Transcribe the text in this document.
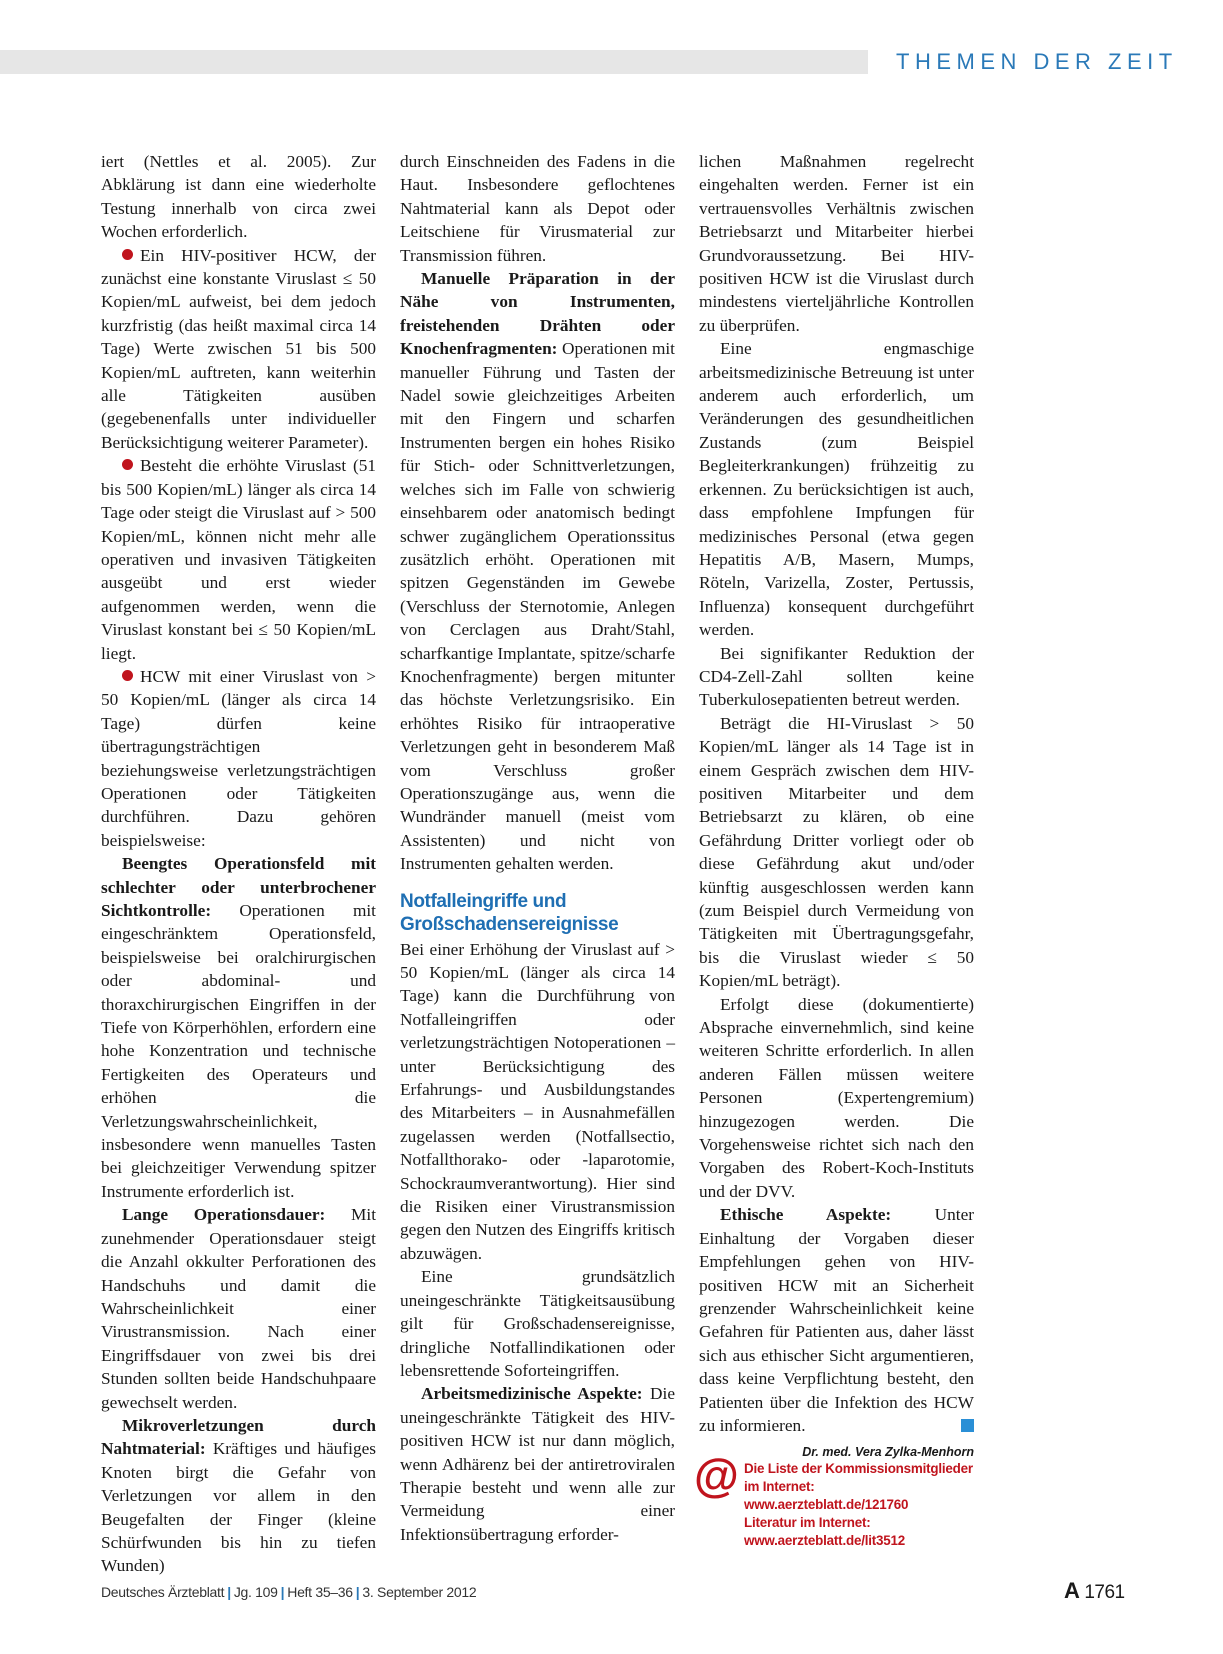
THEMEN DER ZEIT

iert (Nettles et al. 2005). Zur Abklärung ist dann eine wiederholte Testung innerhalb von circa zwei Wochen erforderlich.

Ein HIV-positiver HCW, der zunächst eine konstante Viruslast ≤ 50 Kopien/mL aufweist, bei dem jedoch kurzfristig (das heißt maximal circa 14 Tage) Werte zwischen 51 bis 500 Kopien/mL auftreten, kann weiterhin alle Tätigkeiten ausüben (gegebenenfalls unter individueller Berücksichtigung weiterer Parameter).

Besteht die erhöhte Viruslast (51 bis 500 Kopien/mL) länger als circa 14 Tage oder steigt die Viruslast auf > 500 Kopien/mL, können nicht mehr alle operativen und invasiven Tätigkeiten ausgeübt und erst wieder aufgenommen werden, wenn die Viruslast konstant bei ≤ 50 Kopien/mL liegt.

HCW mit einer Viruslast von > 50 Kopien/mL (länger als circa 14 Tage) dürfen keine übertragungsträchtigen beziehungsweise verletzungsträchtigen Operationen oder Tätigkeiten durchführen. Dazu gehören beispielsweise:

Beengtes Operationsfeld mit schlechter oder unterbrochener Sichtkontrolle: Operationen mit eingeschränktem Operationsfeld, beispielsweise bei oralchirurgischen oder abdominal- und thoraxchirurgischen Eingriffen in der Tiefe von Körperhöhlen, erfordern eine hohe Konzentration und technische Fertigkeiten des Operateurs und erhöhen die Verletzungswahrscheinlichkeit, insbesondere wenn manuelles Tasten bei gleichzeitiger Verwendung spitzer Instrumente erforderlich ist.

Lange Operationsdauer: Mit zunehmender Operationsdauer steigt die Anzahl okkulter Perforationen des Handschuhs und damit die Wahrscheinlichkeit einer Virustransmission. Nach einer Eingriffsdauer von zwei bis drei Stunden sollten beide Handschuhpaare gewechselt werden.

Mikroverletzungen durch Nahtmaterial: Kräftiges und häufiges Knoten birgt die Gefahr von Verletzungen vor allem in den Beugefalten der Finger (kleine Schürfwunden bis hin zu tiefen Wunden)

durch Einschneiden des Fadens in die Haut. Insbesondere geflochtenes Nahtmaterial kann als Depot oder Leitschiene für Virusmaterial zur Transmission führen.

Manuelle Präparation in der Nähe von Instrumenten, freistehenden Drähten oder Knochenfragmenten: Operationen mit manueller Führung und Tasten der Nadel sowie gleichzeitiges Arbeiten mit den Fingern und scharfen Instrumenten bergen ein hohes Risiko für Stich- oder Schnittverletzungen, welches sich im Falle von schwierig einsehbarem oder anatomisch bedingt schwer zugänglichem Operationssitus zusätzlich erhöht. Operationen mit spitzen Gegenständen im Gewebe (Verschluss der Sternotomie, Anlegen von Cerclagen aus Draht/Stahl, scharfkantige Implantate, spitze/scharfe Knochenfragmente) bergen mitunter das höchste Verletzungsrisiko. Ein erhöhtes Risiko für intraoperative Verletzungen geht in besonderem Maß vom Verschluss großer Operationszugänge aus, wenn die Wundränder manuell (meist vom Assistenten) und nicht von Instrumenten gehalten werden.

Notfalleingriffe und
Großschadensereignisse

Bei einer Erhöhung der Viruslast auf > 50 Kopien/mL (länger als circa 14 Tage) kann die Durchführung von Notfalleingriffen oder verletzungsträchtigen Notoperationen – unter Berücksichtigung des Erfahrungs- und Ausbildungstandes des Mitarbeiters – in Ausnahmefällen zugelassen werden (Notfallsectio, Notfallthorako- oder -laparotomie, Schockraumverantwortung). Hier sind die Risiken einer Virustransmission gegen den Nutzen des Eingriffs kritisch abzuwägen.

Eine grundsätzlich uneingeschränkte Tätigkeitsausübung gilt für Großschadensereignisse, dringliche Notfallindikationen oder lebensrettende Soforteingriffen.

Arbeitsmedizinische Aspekte: Die uneingeschränkte Tätigkeit des HIV-positiven HCW ist nur dann möglich, wenn Adhärenz bei der antiretroviralen Therapie besteht und wenn alle zur Vermeidung einer Infektionsübertragung erforder-

lichen Maßnahmen regelrecht eingehalten werden. Ferner ist ein vertrauensvolles Verhältnis zwischen Betriebsarzt und Mitarbeiter hierbei Grundvoraussetzung. Bei HIV-positiven HCW ist die Viruslast durch mindestens vierteljährliche Kontrollen zu überprüfen.

Eine engmaschige arbeitsmedizinische Betreuung ist unter anderem auch erforderlich, um Veränderungen des gesundheitlichen Zustands (zum Beispiel Begleiterkrankungen) frühzeitig zu erkennen. Zu berücksichtigen ist auch, dass empfohlene Impfungen für medizinisches Personal (etwa gegen Hepatitis A/B, Masern, Mumps, Röteln, Varizella, Zoster, Pertussis, Influenza) konsequent durchgeführt werden.

Bei signifikanter Reduktion der CD4-Zell-Zahl sollten keine Tuberkulosepatienten betreut werden.

Beträgt die HI-Viruslast > 50 Kopien/mL länger als 14 Tage ist in einem Gespräch zwischen dem HIV-positiven Mitarbeiter und dem Betriebsarzt zu klären, ob eine Gefährdung Dritter vorliegt oder ob diese Gefährdung akut und/oder künftig ausgeschlossen werden kann (zum Beispiel durch Vermeidung von Tätigkeiten mit Übertragungsgefahr, bis die Viruslast wieder ≤ 50 Kopien/mL beträgt).

Erfolgt diese (dokumentierte) Absprache einvernehmlich, sind keine weiteren Schritte erforderlich. In allen anderen Fällen müssen weitere Personen (Expertengremium) hinzugezogen werden. Die Vorgehensweise richtet sich nach den Vorgaben des Robert-Koch-Instituts und der DVV.

Ethische Aspekte: Unter Einhaltung der Vorgaben dieser Empfehlungen gehen von HIV-positiven HCW mit an Sicherheit grenzender Wahrscheinlichkeit keine Gefahren für Patienten aus, daher lässt sich aus ethischer Sicht argumentieren, dass keine Verpflichtung besteht, den Patienten über die Infektion des HCW zu informieren.

Dr. med. Vera Zylka-Menhorn
@ Die Liste der Kommissionsmitglieder
im Internet:
www.aerzteblatt.de/121760
Literatur im Internet:
www.aerzteblatt.de/lit3512
Deutsches Ärzteblatt | Jg. 109 | Heft 35–36 | 3. September 2012	A 1761
